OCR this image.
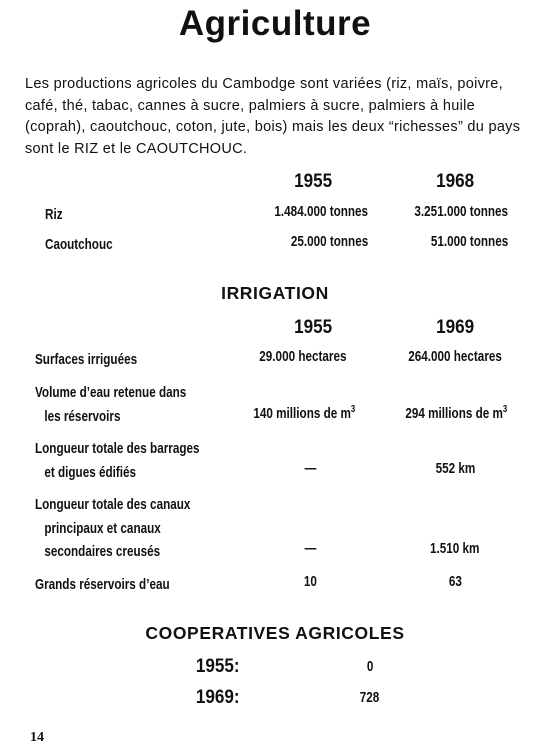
Agriculture
Les productions agricoles du Cambodge sont variées (riz, maïs, poivre, café, thé, tabac, cannes à sucre, palmiers à sucre, palmiers à huile (coprah), caoutchouc, coton, jute, bois) mais les deux “richesses” du pays sont le RIZ et le CAOUTCHOUC.
1955	1968
Riz	1.484.000 tonnes	3.251.000 tonnes
Caoutchouc	25.000 tonnes	51.000 tonnes
IRRIGATION
1955	1969
Surfaces irriguées	29.000 hectares	264.000 hectares
Volume d’eau retenue dans
les réservoirs	140 millions de $m^3$	294 millions de $m^3$
Longueur totale des barrages
et digues édifiés	—	552 km
Longueur totale des canaux
principaux et canaux
secondaires creusés	—	1.510 km
Grands réservoirs d’eau	10	63
COOPERATIVES AGRICOLES
1955:	0
1969:	728
14
